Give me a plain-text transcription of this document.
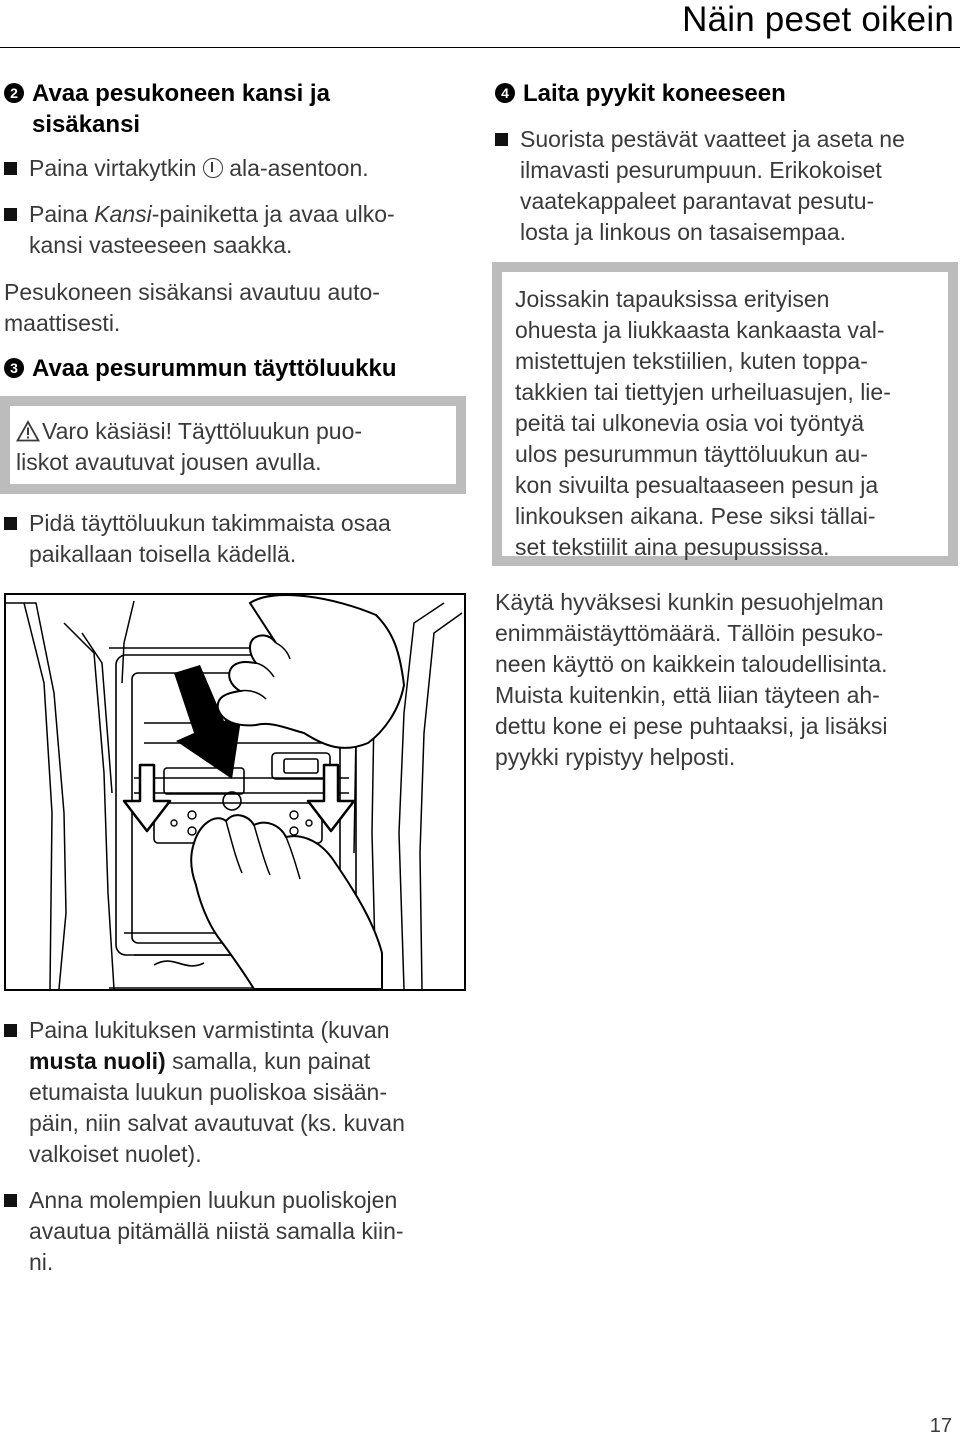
Näin peset oikein
2 Avaa pesukoneen kansi ja
sisäkansi

Paina virtakytkin ala-asentoon.

Paina Kansi-painiketta ja avaa ulko-
kansi vasteeseen saakka.

Pesukoneen sisäkansi avautuu auto-
maattisesti.

3 Avaa pesurummun täyttöluukku

Varo käsiäsi! Täyttöluukun puo-
liskot avautuvat jousen avulla.

Pidä täyttöluukun takimmaista osaa
paikallaan toisella kädellä.

Paina lukituksen varmistinta (kuvan
musta nuoli) samalla, kun painat
etumaista luukun puoliskoa sisään-
päin, niin salvat avautuvat (ks. kuvan
valkoiset nuolet).

Anna molempien luukun puoliskojen
avautua pitämällä niistä samalla kiin-
ni.

4 Laita pyykit koneeseen

Suorista pestävät vaatteet ja aseta ne
ilmavasti pesurumpuun. Erikokoiset
vaatekappaleet parantavat pesutu-
losta ja linkous on tasaisempaa.

Joissakin tapauksissa erityisen
ohuesta ja liukkaasta kankaasta val-
mistettujen tekstiilien, kuten toppa-
takkien tai tiettyjen urheiluasujen, lie-
peitä tai ulkonevia osia voi työntyä
ulos pesurummun täyttöluukun au-
kon sivuilta pesualtaaseen pesun ja
linkouksen aikana. Pese siksi tällai-
set tekstiilit aina pesupussissa.

Käytä hyväksesi kunkin pesuohjelman
enimmäistäyttömäärä. Tällöin pesuko-
neen käyttö on kaikkein taloudellisinta.
Muista kuitenkin, että liian täyteen ah-
dettu kone ei pese puhtaaksi, ja lisäksi
pyykki rypistyy helposti.

17
